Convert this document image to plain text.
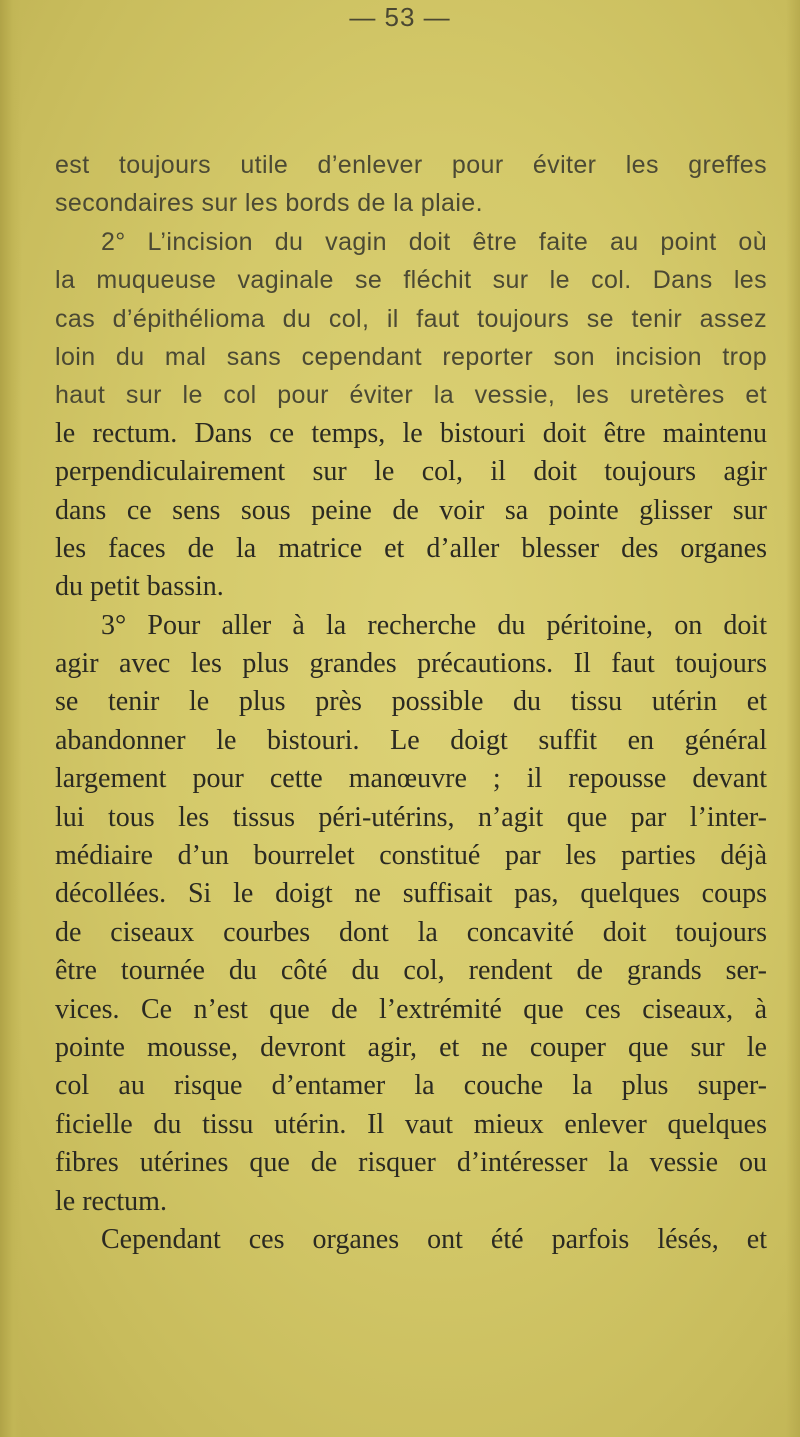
— 53 —
est toujours utile d’enlever pour éviter les greffes
secondaires sur les bords de la plaie.
2° L’incision du vagin doit être faite au point où
la muqueuse vaginale se fléchit sur le col. Dans les
cas d’épithélioma du col, il faut toujours se tenir assez
loin du mal sans cependant reporter son incision trop
haut sur le col pour éviter la vessie, les uretères et
le rectum. Dans ce temps, le bistouri doit être maintenu
perpendiculairement sur le col, il doit toujours agir
dans ce sens sous peine de voir sa pointe glisser sur
les faces de la matrice et d’aller blesser des organes
du petit bassin.
3° Pour aller à la recherche du péritoine, on doit
agir avec les plus grandes précautions. Il faut toujours
se tenir le plus près possible du tissu utérin et
abandonner le bistouri. Le doigt suffit en général
largement pour cette manœuvre ; il repousse devant
lui tous les tissus péri-utérins, n’agit que par l’inter-
médiaire d’un bourrelet constitué par les parties déjà
décollées. Si le doigt ne suffisait pas, quelques coups
de ciseaux courbes dont la concavité doit toujours
être tournée du côté du col, rendent de grands ser-
vices. Ce n’est que de l’extrémité que ces ciseaux, à
pointe mousse, devront agir, et ne couper que sur le
col au risque d’entamer la couche la plus super-
ficielle du tissu utérin. Il vaut mieux enlever quelques
fibres utérines que de risquer d’intéresser la vessie ou
le rectum.
Cependant ces organes ont été parfois lésés, et
